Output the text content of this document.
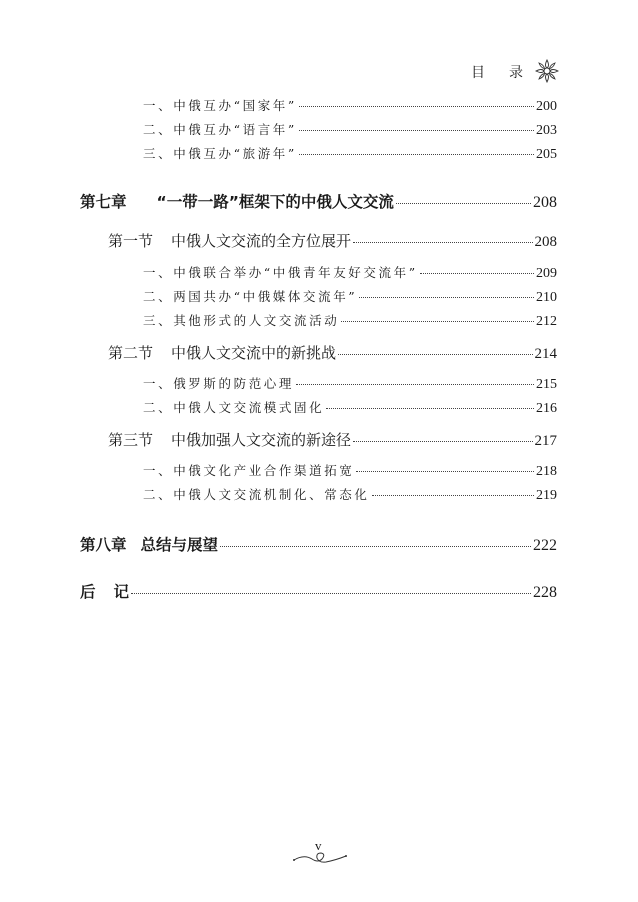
目 录
一、中俄互办“国家年”	200
二、中俄互办“语言年”	203
三、中俄互办“旅游年”	205
第七章 “一带一路”框架下的中俄人文交流	208
第一节 中俄人文交流的全方位展开	208
一、中俄联合举办“中俄青年友好交流年”	209
二、两国共办“中俄媒体交流年”	210
三、其他形式的人文交流活动	212
第二节 中俄人文交流中的新挑战	214
一、俄罗斯的防范心理	215
二、中俄人文交流模式固化	216
第三节 中俄加强人文交流的新途径	217
一、中俄文化产业合作渠道拓宽	218
二、中俄人文交流机制化、常态化	219
第八章 总结与展望	222
后 记	228
v
